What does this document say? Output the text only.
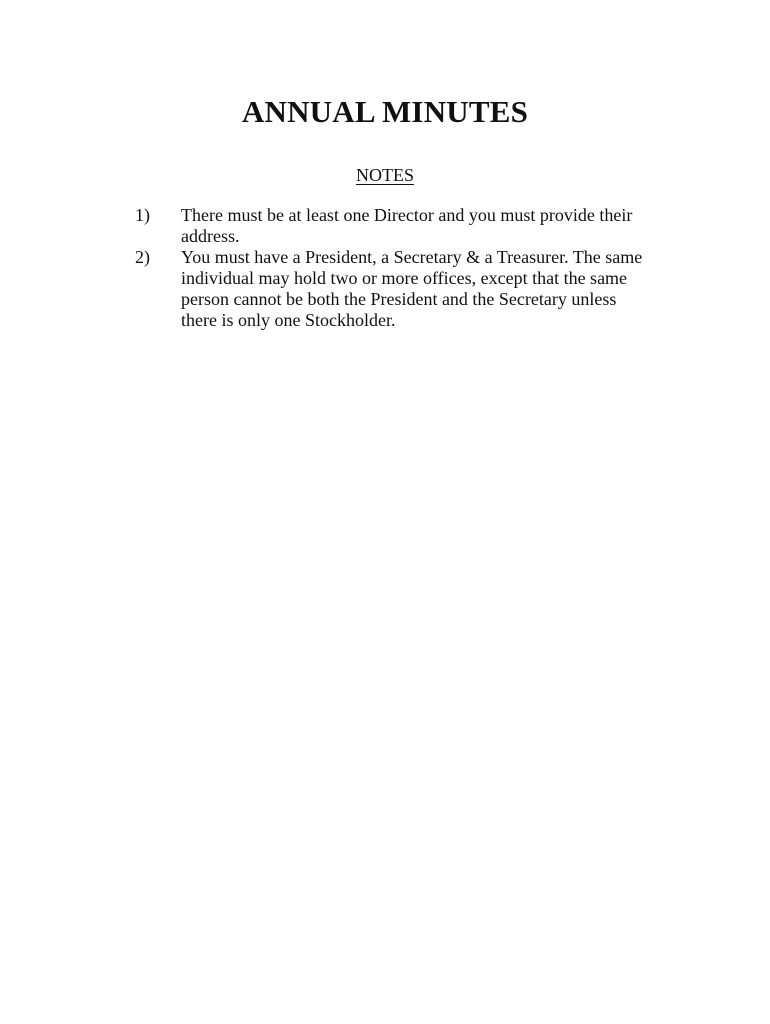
ANNUAL MINUTES
NOTES
1)	There must be at least one Director and you must provide their address.
2)	You must have a President, a Secretary & a Treasurer. The same individual may hold two or more offices, except that the same person cannot be both the President and the Secretary unless there is only one Stockholder.
